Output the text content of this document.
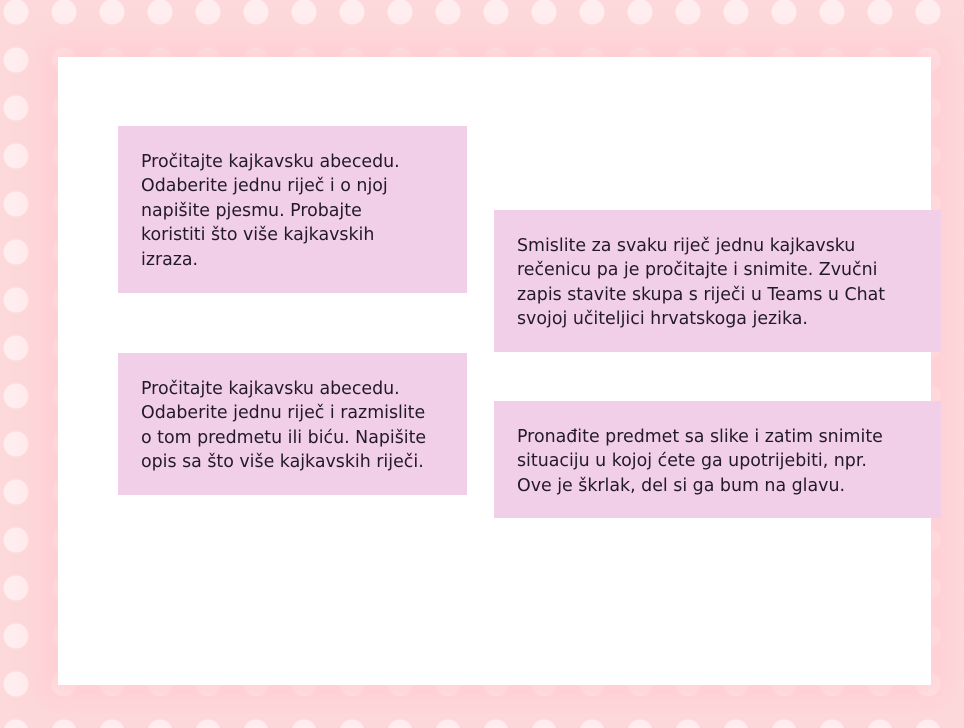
Pročitajte kajkavsku abecedu.
Odaberite jednu riječ i o njoj
napišite pjesmu. Probajte
koristiti što više kajkavskih
izraza.
Smislite za svaku riječ jednu kajkavsku
rečenicu pa je pročitajte i snimite. Zvučni
zapis stavite skupa s riječi u Teams u Chat
svojoj učiteljici hrvatskoga jezika.
Pročitajte kajkavsku abecedu.
Odaberite jednu riječ i razmislite
o tom predmetu ili biću. Napišite
opis sa što više kajkavskih riječi.
Pronađite predmet sa slike i zatim snimite
situaciju u kojoj ćete ga upotrijebiti, npr.
Ove je škrlak, del si ga bum na glavu.
